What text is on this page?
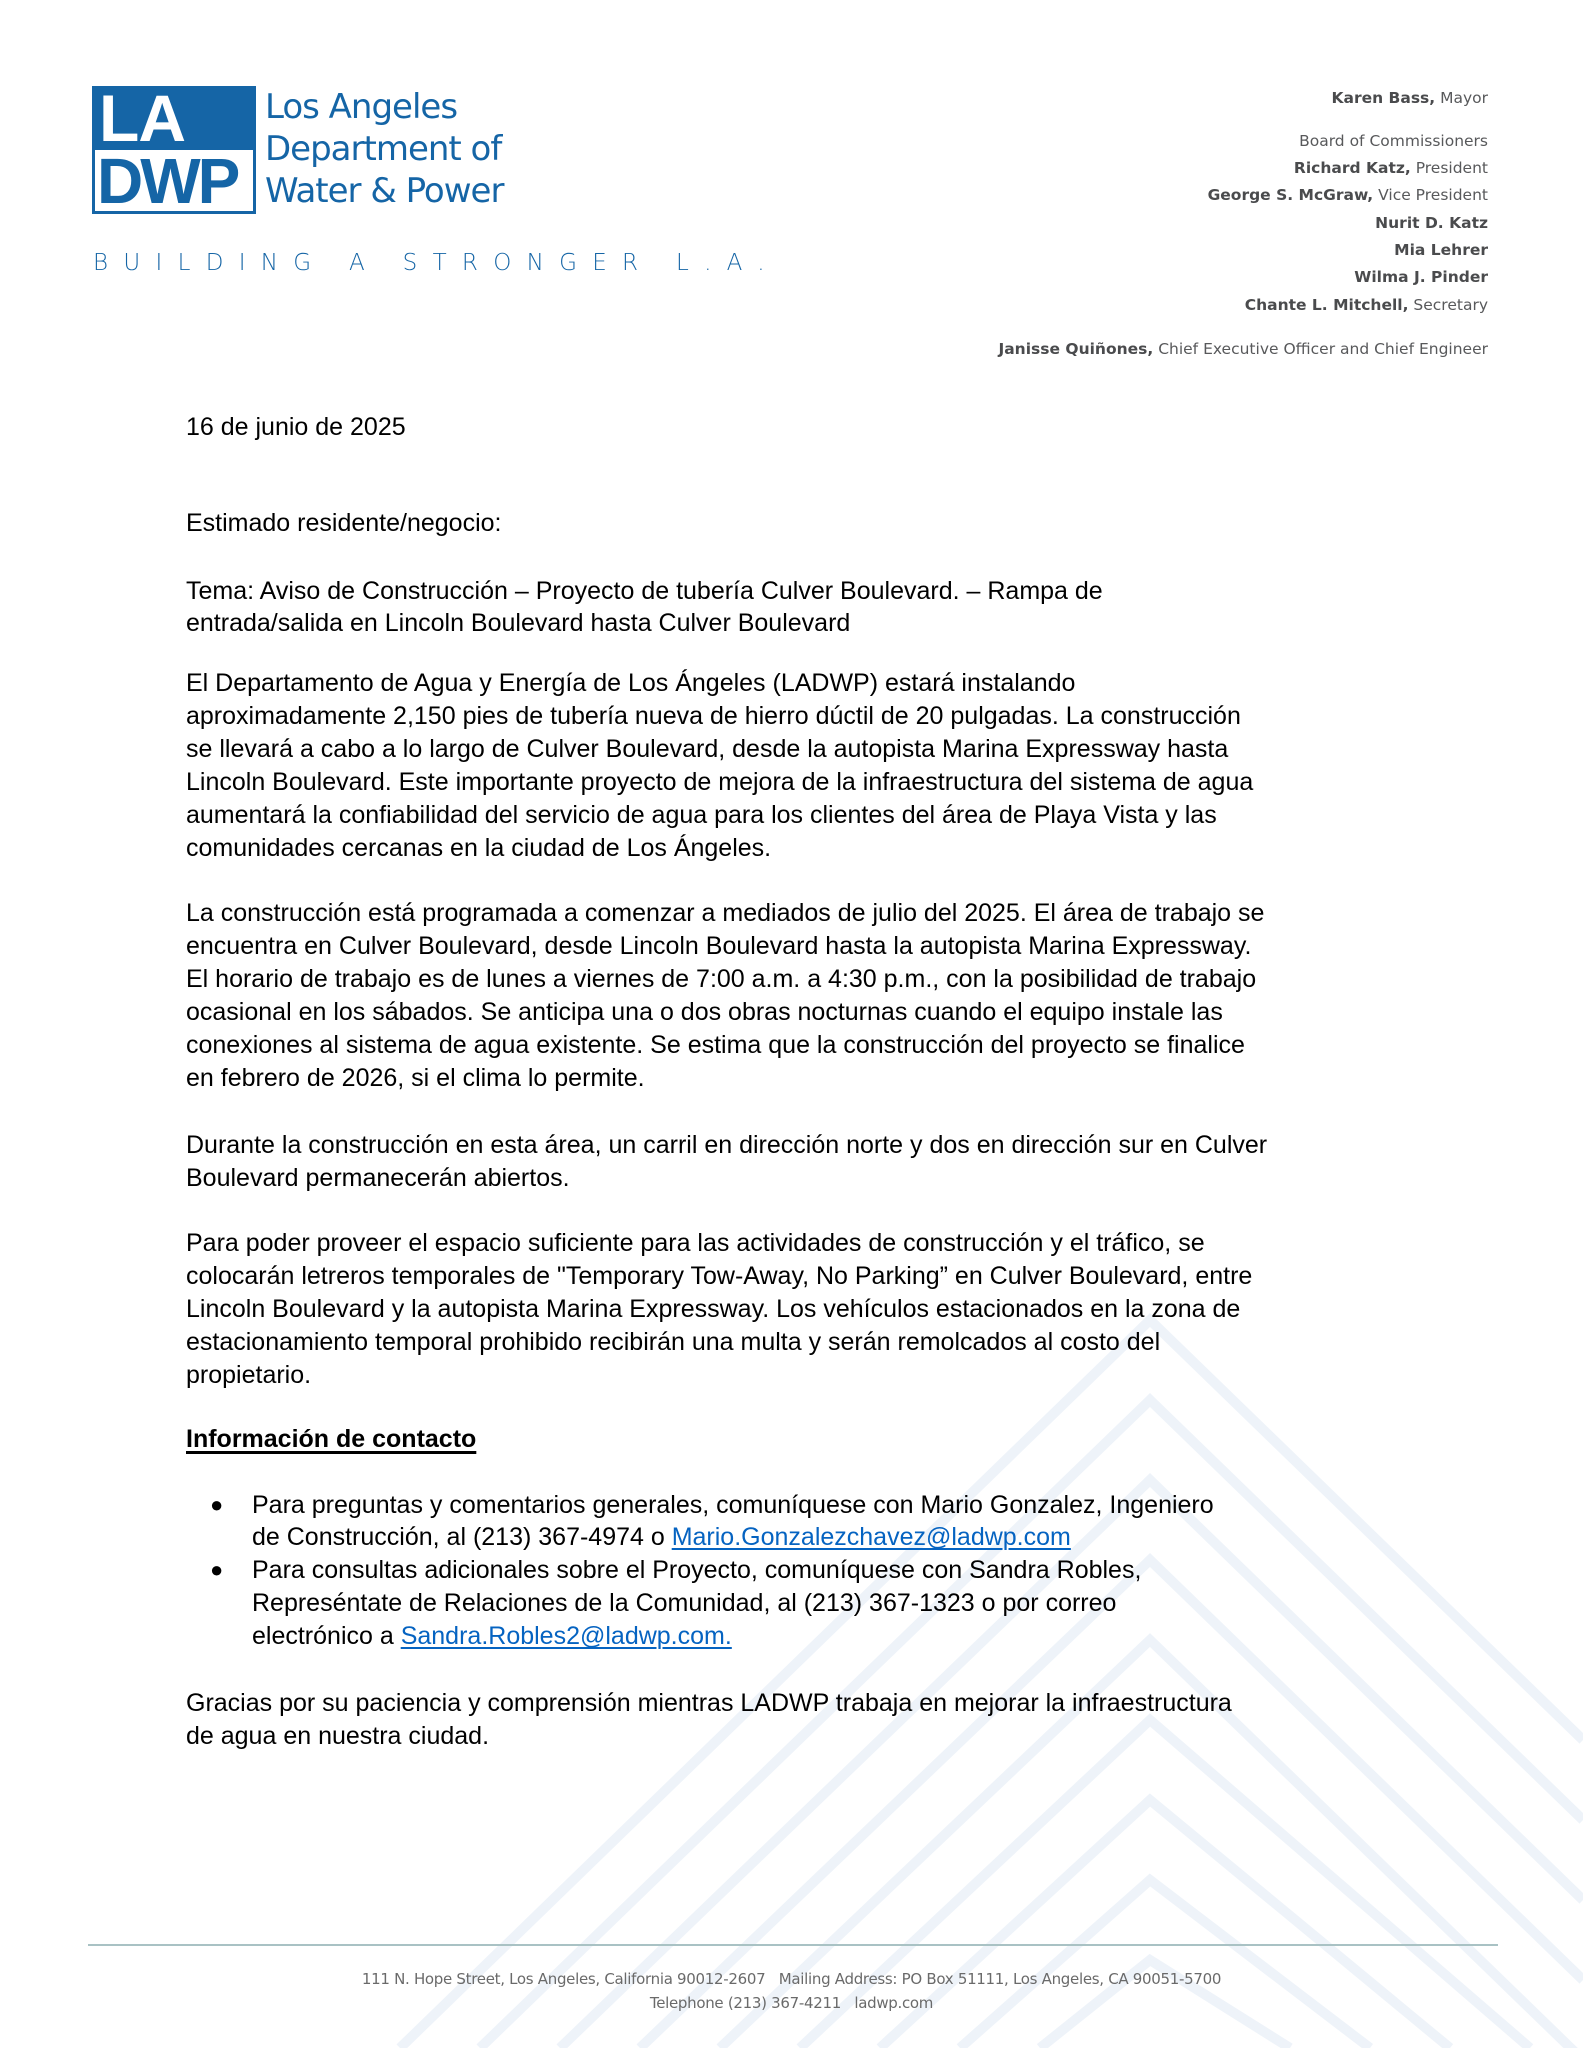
LA
DWP
Los Angeles
Department of
Water & Power
BUILDING A STRONGER L.A.
Karen Bass, Mayor
Board of Commissioners
Richard Katz, President
George S. McGraw, Vice President
Nurit D. Katz
Mia Lehrer
Wilma J. Pinder
Chante L. Mitchell, Secretary
Janisse Quiñones, Chief Executive Officer and Chief Engineer
16 de junio de 2025
Estimado residente/negocio:
Tema: Aviso de Construcción – Proyecto de tubería Culver Boulevard. – Rampa de
entrada/salida en Lincoln Boulevard hasta Culver Boulevard
El Departamento de Agua y Energía de Los Ángeles (LADWP) estará instalando
aproximadamente 2,150 pies de tubería nueva de hierro dúctil de 20 pulgadas. La construcción
se llevará a cabo a lo largo de Culver Boulevard, desde la autopista Marina Expressway hasta
Lincoln Boulevard. Este importante proyecto de mejora de la infraestructura del sistema de agua
aumentará la confiabilidad del servicio de agua para los clientes del área de Playa Vista y las
comunidades cercanas en la ciudad de Los Ángeles.
La construcción está programada a comenzar a mediados de julio del 2025. El área de trabajo se
encuentra en Culver Boulevard, desde Lincoln Boulevard hasta la autopista Marina Expressway.
El horario de trabajo es de lunes a viernes de 7:00 a.m. a 4:30 p.m., con la posibilidad de trabajo
ocasional en los sábados. Se anticipa una o dos obras nocturnas cuando el equipo instale las
conexiones al sistema de agua existente. Se estima que la construcción del proyecto se finalice
en febrero de 2026, si el clima lo permite.
Durante la construcción en esta área, un carril en dirección norte y dos en dirección sur en Culver
Boulevard permanecerán abiertos.
Para poder proveer el espacio suficiente para las actividades de construcción y el tráfico, se
colocarán letreros temporales de "Temporary Tow-Away, No Parking” en Culver Boulevard, entre
Lincoln Boulevard y la autopista Marina Expressway. Los vehículos estacionados en la zona de
estacionamiento temporal prohibido recibirán una multa y serán remolcados al costo del
propietario.
Información de contacto
● Para preguntas y comentarios generales, comuníquese con Mario Gonzalez, Ingeniero
de Construcción, al (213) 367-4974 o Mario.Gonzalezchavez@ladwp.com
● Para consultas adicionales sobre el Proyecto, comuníquese con Sandra Robles,
Represéntate de Relaciones de la Comunidad, al (213) 367-1323 o por correo
electrónico a Sandra.Robles2@ladwp.com.
Gracias por su paciencia y comprensión mientras LADWP trabaja en mejorar la infraestructura
de agua en nuestra ciudad.
111 N. Hope Street, Los Angeles, California 90012-2607   Mailing Address: PO Box 51111, Los Angeles, CA 90051-5700
Telephone (213) 367-4211   ladwp.com
